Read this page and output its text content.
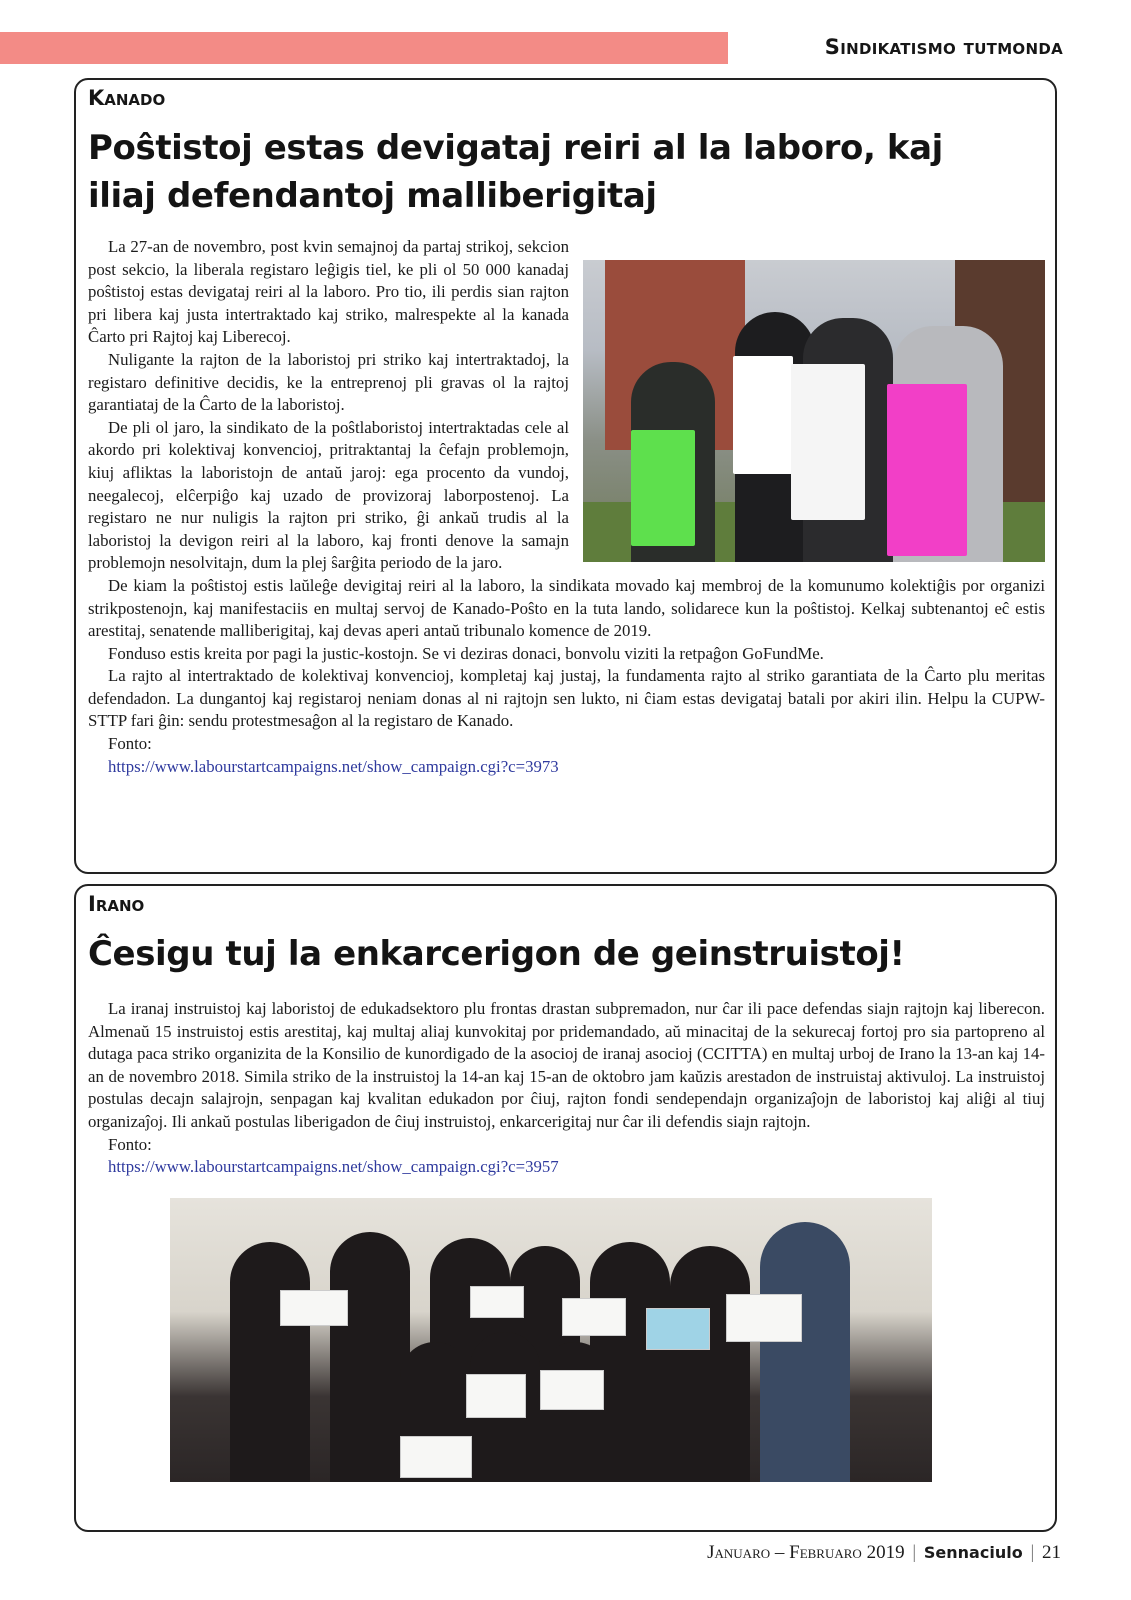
Sindikatismo tutmonda
Kanado
Poŝtistoj estas devigataj reiri al la laboro, kaj iliaj defendantoj malliberigitaj

La 27-an de novembro, post kvin semajnoj da partaj strikoj, sekcion post sekcio, la liberala registaro leĝigis tiel, ke pli ol 50 000 kanadaj poŝtistoj estas devigataj reiri al la laboro. Pro tio, ili perdis sian rajton pri libera kaj justa intertraktado kaj striko, malrespekte al la kanada Ĉarto pri Rajtoj kaj Liberecoj.

Nuligante la rajton de la laboristoj pri striko kaj intertraktadoj, la registaro definitive decidis, ke la entreprenoj pli gravas ol la rajtoj garantiataj de la Ĉarto de la laboristoj.

De pli ol jaro, la sindikato de la poŝtlaboristoj intertraktadas cele al akordo pri kolektivaj konvencioj, pritraktantaj la ĉefajn problemojn, kiuj afliktas la laboristojn de antaŭ jaroj: ega procento da vundoj, neegalecoj, elĉerpiĝo kaj uzado de provizoraj laborpostenoj. La registaro ne nur nuligis la rajton pri striko, ĝi ankaŭ trudis al la laboristoj la devigon reiri al la laboro, kaj fronti denove la samajn problemojn nesolvitajn, dum la plej ŝarĝita periodo de la jaro.

De kiam la poŝtistoj estis laŭleĝe devigitaj reiri al la laboro, la sindikata movado kaj membroj de la komunumo kolektiĝis por organizi strikpostenojn, kaj manifestaciis en multaj servoj de Kanado-Poŝto en la tuta lando, solidarece kun la poŝtistoj. Kelkaj subtenantoj eĉ estis arestitaj, senatende malliberigitaj, kaj devas aperi antaŭ tribunalo komence de 2019.

Fonduso estis kreita por pagi la justic-kostojn. Se vi deziras donaci, bonvolu viziti la retpaĝon GoFundMe.

La rajto al intertraktado de kolektivaj konvencioj, kompletaj kaj justaj, la fundamenta rajto al striko garantiata de la Ĉarto plu meritas defendadon. La dungantoj kaj registaroj neniam donas al ni rajtojn sen lukto, ni ĉiam estas devigataj batali por akiri ilin. Helpu la CUPW-STTP fari ĝin: sendu protestmesaĝon al la registaro de Kanado.

Fonto:

https://www.labourstartcampaigns.net/show_campaign.cgi?c=3973
Irano
Ĉesigu tuj la enkarcerigon de geinstruistoj!

La iranaj instruistoj kaj laboristoj de edukadsektoro plu frontas drastan subpremadon, nur ĉar ili pace defendas siajn rajtojn kaj liberecon. Almenaŭ 15 instruistoj estis arestitaj, kaj multaj aliaj kunvokitaj por pridemandado, aŭ minacitaj de la sekurecaj fortoj pro sia partopreno al dutaga paca striko organizita de la Konsilio de kunordigado de la asocioj de iranaj asocioj (CCITTA) en multaj urboj de Irano la 13-an kaj 14-an de novembro 2018. Simila striko de la instruistoj la 14-an kaj 15-an de oktobro jam kaŭzis arestadon de instruistaj aktivuloj. La instruistoj postulas decajn salajrojn, senpagan kaj kvalitan edukadon por ĉiuj, rajton fondi sendependajn organizaĵojn de laboristoj kaj aliĝi al tiuj organizaĵoj. Ili ankaŭ postulas liberigadon de ĉiuj instruistoj, enkarcerigitaj nur ĉar ili defendis siajn rajtojn.

Fonto:

https://www.labourstartcampaigns.net/show_campaign.cgi?c=3957
Januaro – Februaro 2019 | Sennaciulo | 21
